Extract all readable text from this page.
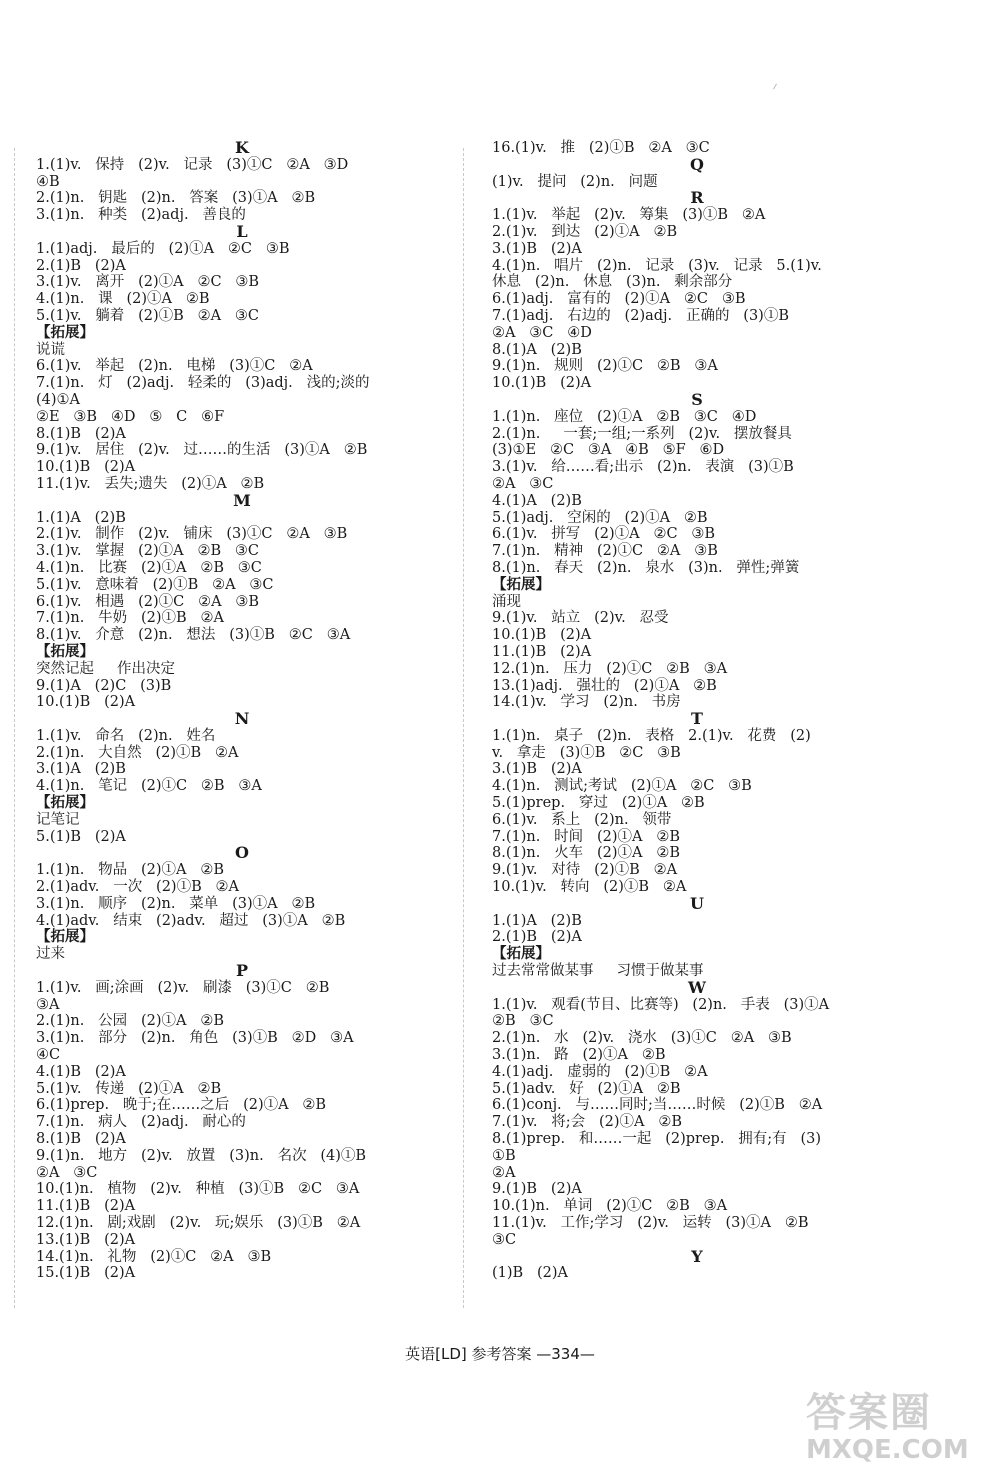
K
1.(1)v.   保持   (2)v.   记录   (3)①C   ②A   ③D
④B
2.(1)n.   钥匙   (2)n.   答案   (3)①A   ②B
3.(1)n.   种类   (2)adj.   善良的
L
1.(1)adj.   最后的   (2)①A   ②C   ③B
2.(1)B   (2)A
3.(1)v.   离开   (2)①A   ②C   ③B
4.(1)n.   课   (2)①A   ②B
5.(1)v.   躺着   (2)①B   ②A   ③C
【拓展】
说谎
6.(1)v.   举起   (2)n.   电梯   (3)①C   ②A
7.(1)n.   灯   (2)adj.   轻柔的   (3)adj.   浅的;淡的
(4)①A
②E   ③B   ④D   ⑤   C   ⑥F
8.(1)B   (2)A
9.(1)v.   居住   (2)v.   过……的生活   (3)①A   ②B
10.(1)B   (2)A
11.(1)v.   丢失;遗失   (2)①A   ②B
M
1.(1)A   (2)B
2.(1)v.   制作   (2)v.   铺床   (3)①C   ②A   ③B
3.(1)v.   掌握   (2)①A   ②B   ③C
4.(1)n.   比赛   (2)①A   ②B   ③C
5.(1)v.   意味着   (2)①B   ②A   ③C
6.(1)v.   相遇   (2)①C   ②A   ③B
7.(1)n.   牛奶   (2)①B   ②A
8.(1)v.   介意   (2)n.   想法   (3)①B   ②C   ③A
【拓展】
突然记起     作出决定
9.(1)A   (2)C   (3)B
10.(1)B   (2)A
N
1.(1)v.   命名   (2)n.   姓名
2.(1)n.   大自然   (2)①B   ②A
3.(1)A   (2)B
4.(1)n.   笔记   (2)①C   ②B   ③A
【拓展】
记笔记
5.(1)B   (2)A
O
1.(1)n.   物品   (2)①A   ②B
2.(1)adv.   一次   (2)①B   ②A
3.(1)n.   顺序   (2)n.   菜单   (3)①A   ②B
4.(1)adv.   结束   (2)adv.   超过   (3)①A   ②B
【拓展】
过来
P
1.(1)v.   画;涂画   (2)v.   刷漆   (3)①C   ②B
③A
2.(1)n.   公园   (2)①A   ②B
3.(1)n.   部分   (2)n.   角色   (3)①B   ②D   ③A
④C
4.(1)B   (2)A
5.(1)v.   传递   (2)①A   ②B
6.(1)prep.   晚于;在……之后   (2)①A   ②B
7.(1)n.   病人   (2)adj.   耐心的
8.(1)B   (2)A
9.(1)n.   地方   (2)v.   放置   (3)n.   名次   (4)①B
②A   ③C
10.(1)n.   植物   (2)v.   种植   (3)①B   ②C   ③A
11.(1)B   (2)A
12.(1)n.   剧;戏剧   (2)v.   玩;娱乐   (3)①B   ②A
13.(1)B   (2)A
14.(1)n.   礼物   (2)①C   ②A   ③B
15.(1)B   (2)A
16.(1)v.   推   (2)①B   ②A   ③C
Q
(1)v.   提问   (2)n.   问题
R
1.(1)v.   举起   (2)v.   筹集   (3)①B   ②A
2.(1)v.   到达   (2)①A   ②B
3.(1)B   (2)A
4.(1)n.   唱片   (2)n.   记录   (3)v.   记录   5.(1)v.
休息   (2)n.   休息   (3)n.   剩余部分
6.(1)adj.   富有的   (2)①A   ②C   ③B
7.(1)adj.   右边的   (2)adj.   正确的   (3)①B
②A   ③C   ④D
8.(1)A   (2)B
9.(1)n.   规则   (2)①C   ②B   ③A
10.(1)B   (2)A
S
1.(1)n.   座位   (2)①A   ②B   ③C   ④D
2.(1)n.     一套;一组;一系列   (2)v.   摆放餐具
(3)①E   ②C   ③A   ④B   ⑤F   ⑥D
3.(1)v.   给……看;出示   (2)n.   表演   (3)①B
②A   ③C
4.(1)A   (2)B
5.(1)adj.   空闲的   (2)①A   ②B
6.(1)v.   拼写   (2)①A   ②C   ③B
7.(1)n.   精神   (2)①C   ②A   ③B
8.(1)n.   春天   (2)n.   泉水   (3)n.   弹性;弹簧
【拓展】
涌现
9.(1)v.   站立   (2)v.   忍受
10.(1)B   (2)A
11.(1)B   (2)A
12.(1)n.   压力   (2)①C   ②B   ③A
13.(1)adj.   强壮的   (2)①A   ②B
14.(1)v.   学习   (2)n.   书房
T
1.(1)n.   桌子   (2)n.   表格   2.(1)v.   花费   (2)
v.   拿走   (3)①B   ②C   ③B
3.(1)B   (2)A
4.(1)n.   测试;考试   (2)①A   ②C   ③B
5.(1)prep.   穿过   (2)①A   ②B
6.(1)v.   系上   (2)n.   领带
7.(1)n.   时间   (2)①A   ②B
8.(1)n.   火车   (2)①A   ②B
9.(1)v.   对待   (2)①B   ②A
10.(1)v.   转向   (2)①B   ②A
U
1.(1)A   (2)B
2.(1)B   (2)A
【拓展】
过去常常做某事     习惯于做某事
W
1.(1)v.   观看(节目、比赛等)   (2)n.   手表   (3)①A
②B   ③C
2.(1)n.   水   (2)v.   浇水   (3)①C   ②A   ③B
3.(1)n.   路   (2)①A   ②B
4.(1)adj.   虚弱的   (2)①B   ②A
5.(1)adv.   好   (2)①A   ②B
6.(1)conj.   与……同时;当……时候   (2)①B   ②A
7.(1)v.   将;会   (2)①A   ②B
8.(1)prep.   和……一起   (2)prep.   拥有;有   (3)
①B
②A
9.(1)B   (2)A
10.(1)n.   单词   (2)①C   ②B   ③A
11.(1)v.   工作;学习   (2)v.   运转   (3)①A   ②B
③C
Y
(1)B   (2)A
英语[LD] 参考答案 —334—
答案圈
MXQE.COM
